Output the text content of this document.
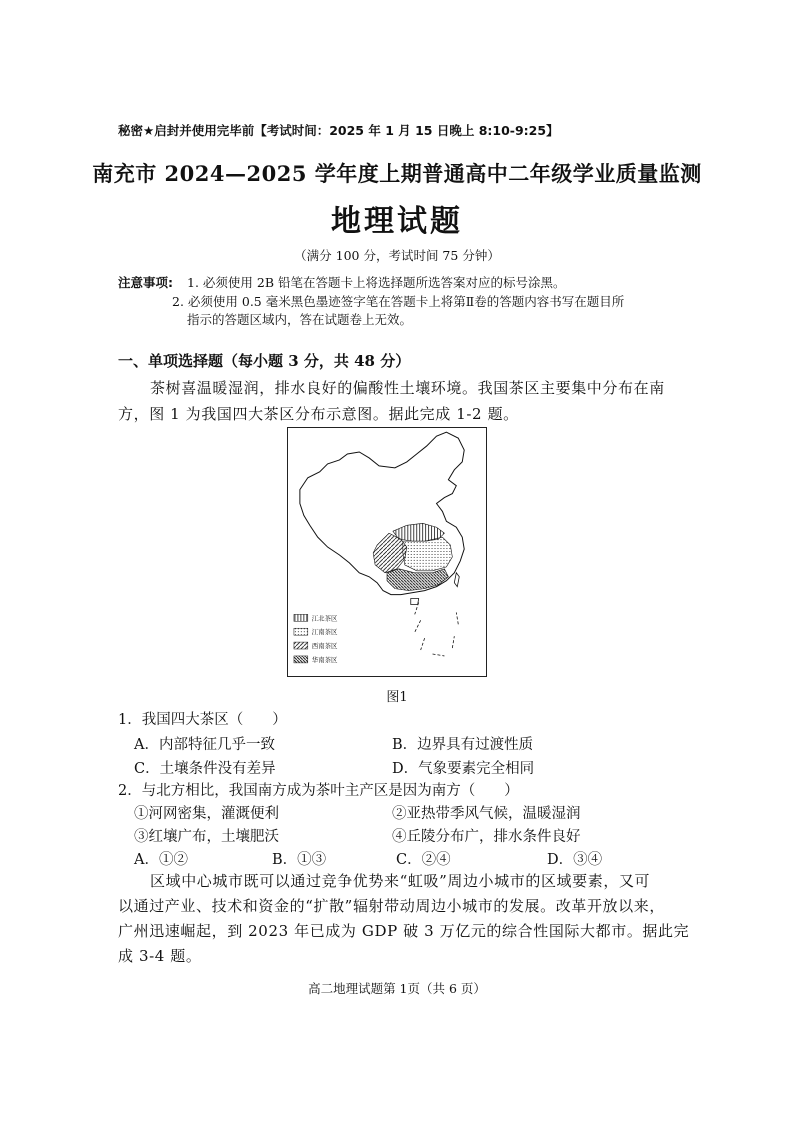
秘密★启封并使用完毕前【考试时间：2025 年 1 月 15 日晚上 8:10-9:25】
南充市 2024—2025 学年度上期普通高中二年级学业质量监测
地理试题
（满分 100 分，考试时间 75 分钟）
注意事项: 1. 必须使用 2B 铅笔在答题卡上将选择题所选答案对应的标号涂黑。
2. 必须使用 0.5 毫米黑色墨迹签字笔在答题卡上将第Ⅱ卷的答题内容书写在题目所
指示的答题区域内，答在试题卷上无效。
一、单项选择题（每小题 3 分，共 48 分）
茶树喜温暖湿润，排水良好的偏酸性土壤环境。我国茶区主要集中分布在南
方，图 1 为我国四大茶区分布示意图。据此完成 1-2 题。
江北茶区
江南茶区
西南茶区
华南茶区
图1
1．我国四大茶区（　　）
A．内部特征几乎一致	B．边界具有过渡性质
C．土壤条件没有差异	D．气象要素完全相同
2．与北方相比，我国南方成为茶叶主产区是因为南方（　　）
①河网密集，灌溉便利	②亚热带季风气候，温暖湿润
③红壤广布，土壤肥沃	④丘陵分布广，排水条件良好
A．①②	B．①③	C．②④	D．③④
区域中心城市既可以通过竞争优势来“虹吸”周边小城市的区域要素，又可
以通过产业、技术和资金的“扩散”辐射带动周边小城市的发展。改革开放以来，
广州迅速崛起，到 2023 年已成为 GDP 破 3 万亿元的综合性国际大都市。据此完
成 3-4 题。
高二地理试题第 1页（共 6 页）
